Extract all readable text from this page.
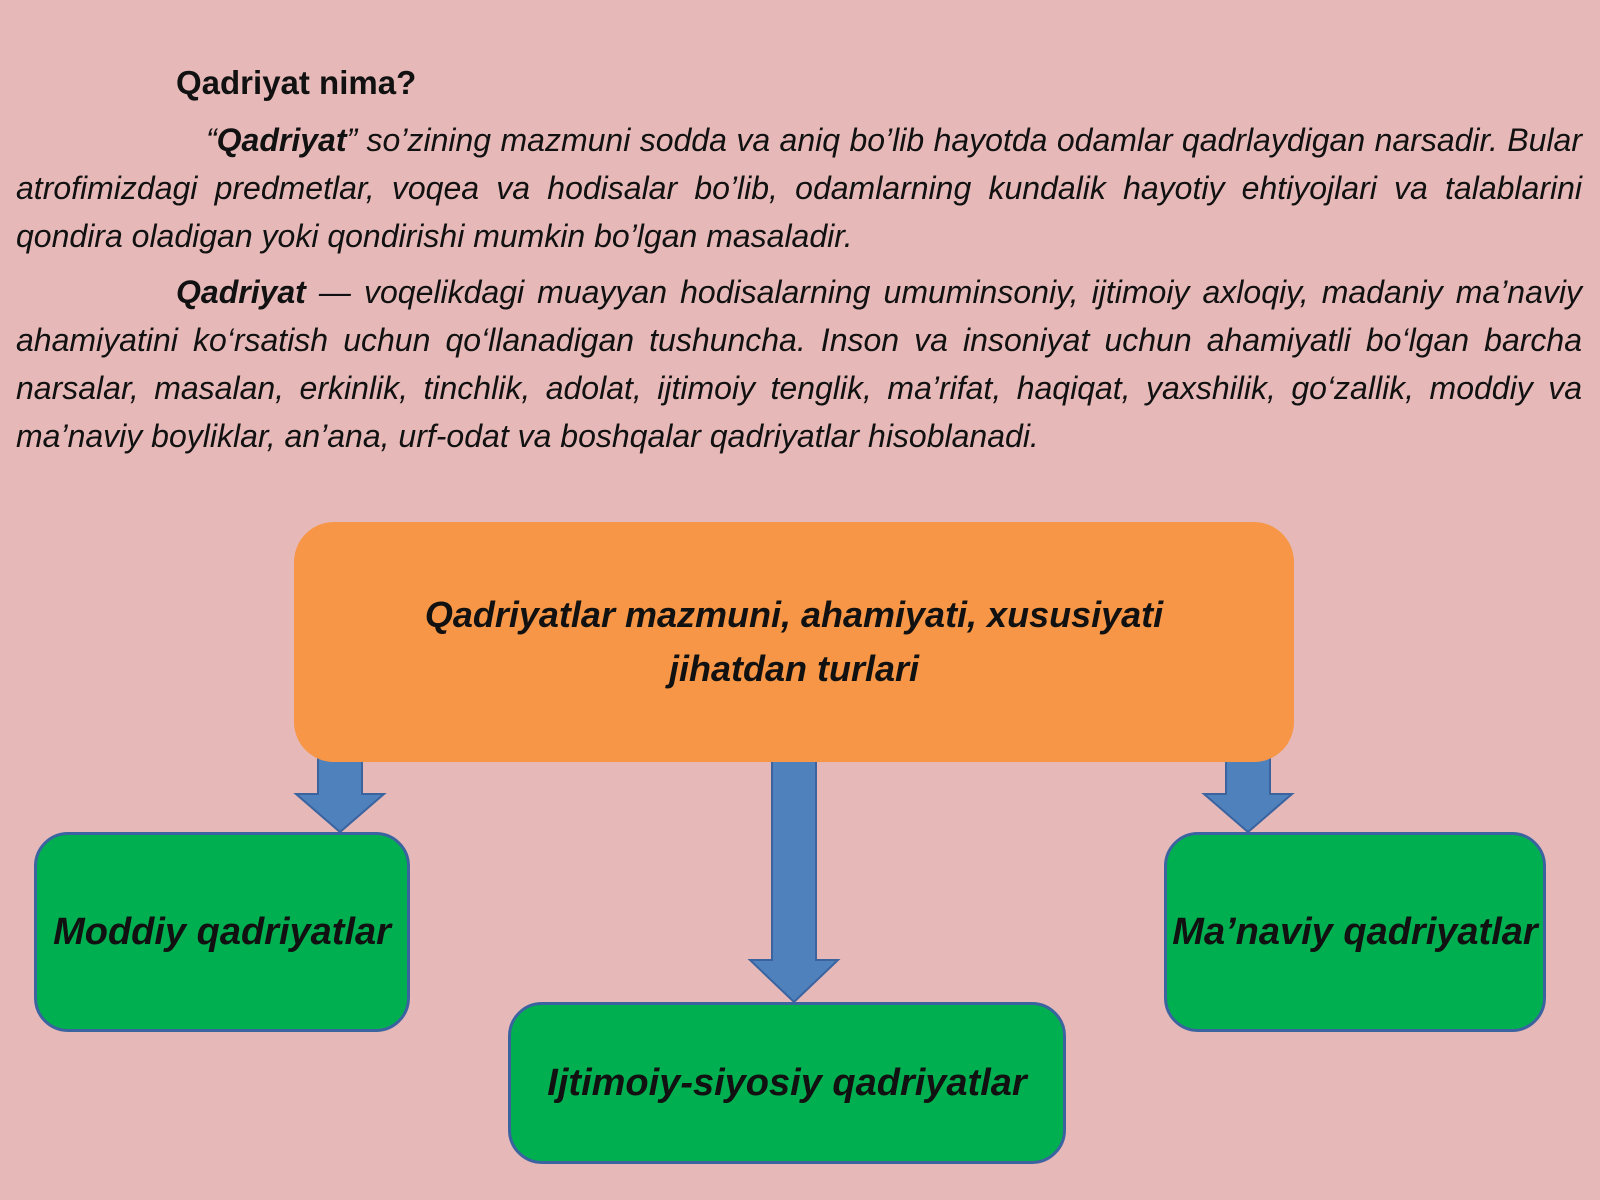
Qadriyat nima?

“Qadriyat” so’zining mazmuni sodda va aniq bo’lib hayotda odamlar qadrlaydigan narsadir. Bular atrofimizdagi predmetlar, voqea va hodisalar bo’lib, odamlarning kundalik hayotiy ehtiyojlari va talablarini qondira oladigan yoki qondirishi mumkin bo’lgan masaladir.

Qadriyat — voqelikdagi muayyan hodisalarning umuminsoniy, ijtimoiy axloqiy, madaniy ma’naviy ahamiyatini ko‘rsatish uchun qo‘llanadigan tushuncha. Inson va insoniyat uchun ahamiyatli bo‘lgan barcha narsalar, masalan, erkinlik, tinchlik, adolat, ijtimoiy tenglik, ma’rifat, haqiqat, yaxshilik, go‘zallik, moddiy va ma’naviy boyliklar, an’ana, urf-odat va boshqalar qadriyatlar hisoblanadi.

Qadriyatlar mazmuni, ahamiyati, xususiyati jihatdan turlari
Moddiy qadriyatlar	Ma’naviy qadriyatlar
Ijtimoiy-siyosiy qadriyatlar
